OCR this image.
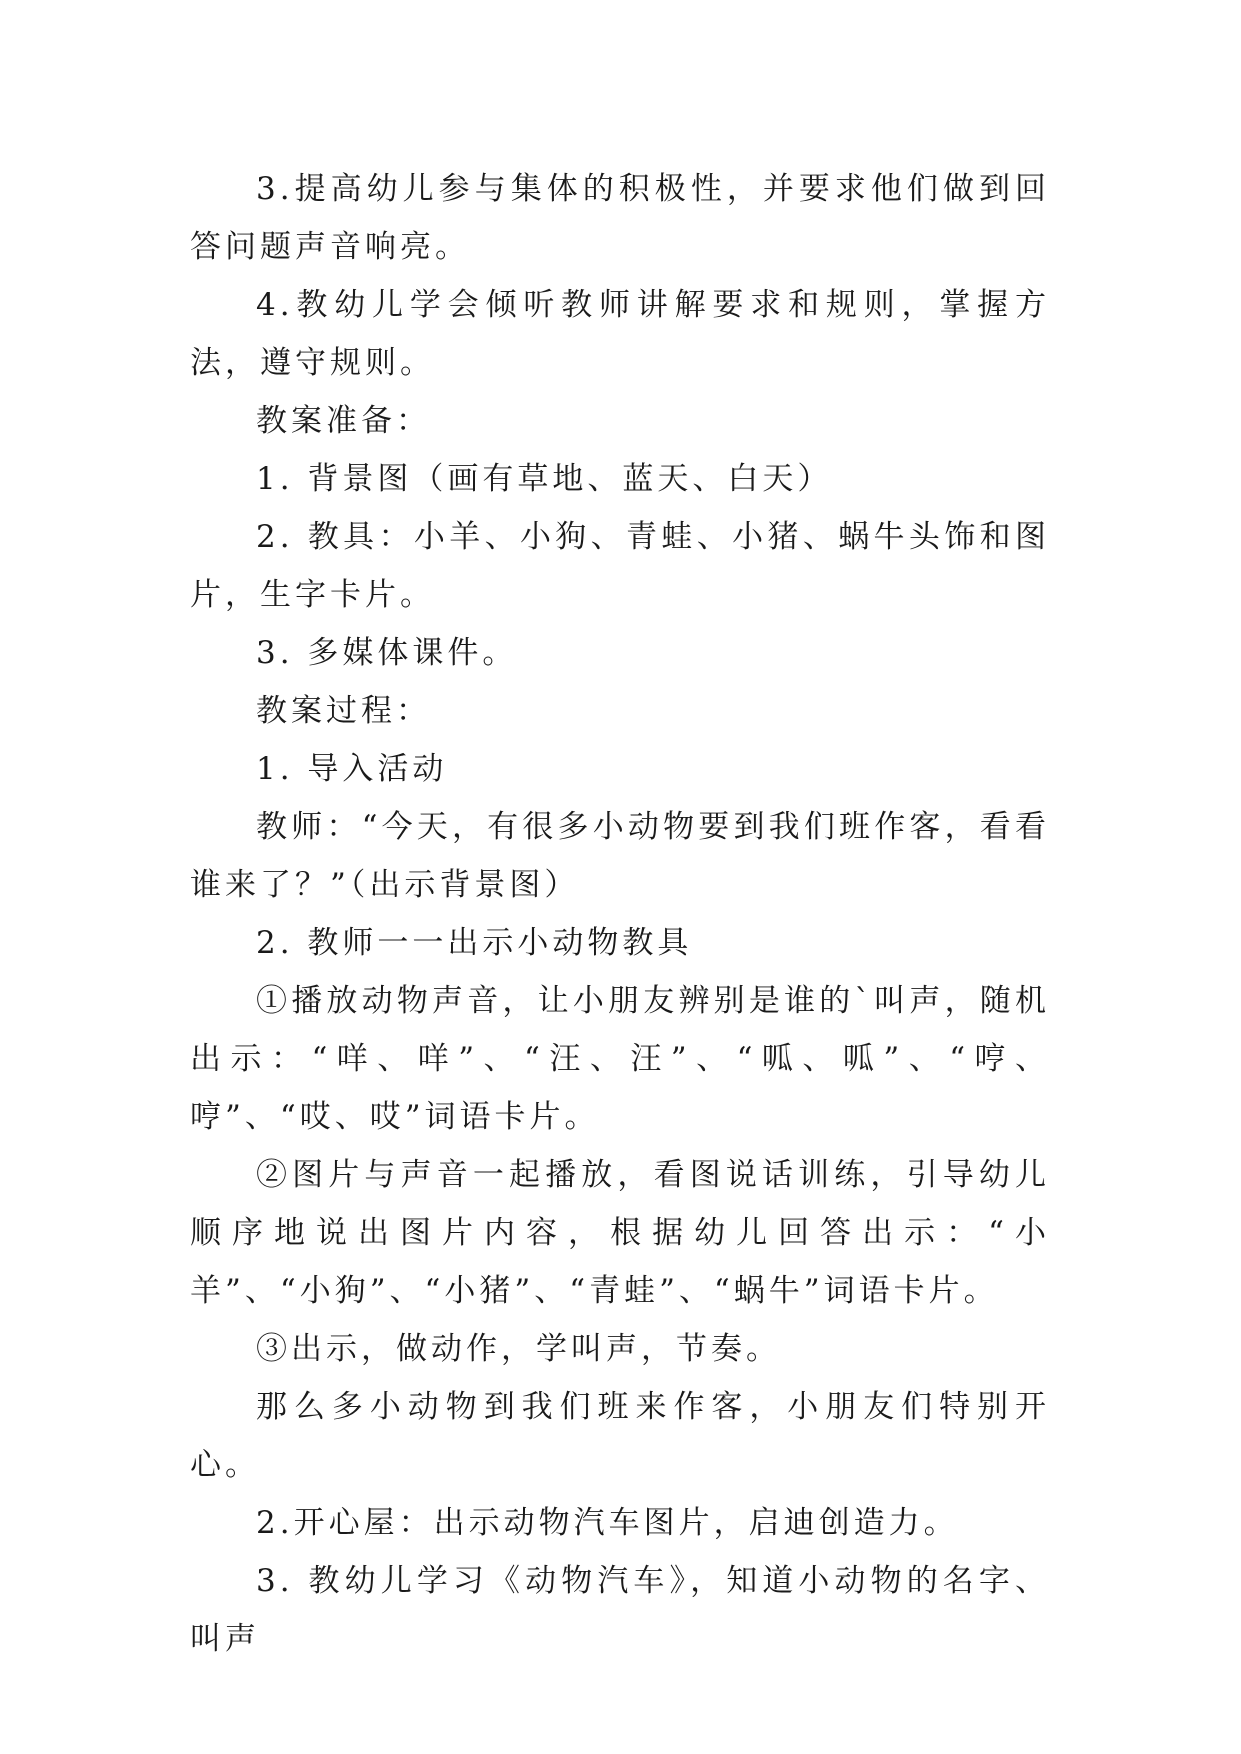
3.提高幼儿参与集体的积极性，并要求他们做到回答问题声音响亮。

4.教幼儿学会倾听教师讲解要求和规则，掌握方法，遵守规则。

教案准备：

1. 背景图（画有草地、蓝天、白天）

2. 教具：小羊、小狗、青蛙、小猪、蜗牛头饰和图片，生字卡片。

3. 多媒体课件。

教案过程：

1. 导入活动

教师：“今天，有很多小动物要到我们班作客，看看谁来了？”（出示背景图）

2. 教师一一出示小动物教具

①播放动物声音，让小朋友辨别是谁的`叫声，随机出示：“咩、咩”、“汪、汪”、“呱、呱”、“哼、哼”、“哎、哎”词语卡片。

②图片与声音一起播放，看图说话训练，引导幼儿顺序地说出图片内容，根据幼儿回答出示：“小羊”、“小狗”、“小猪”、“青蛙”、“蜗牛”词语卡片。

③出示，做动作，学叫声，节奏。

那么多小动物到我们班来作客，小朋友们特别开心。

2.开心屋：出示动物汽车图片，启迪创造力。

3. 教幼儿学习《动物汽车》，知道小动物的名字、叫声
